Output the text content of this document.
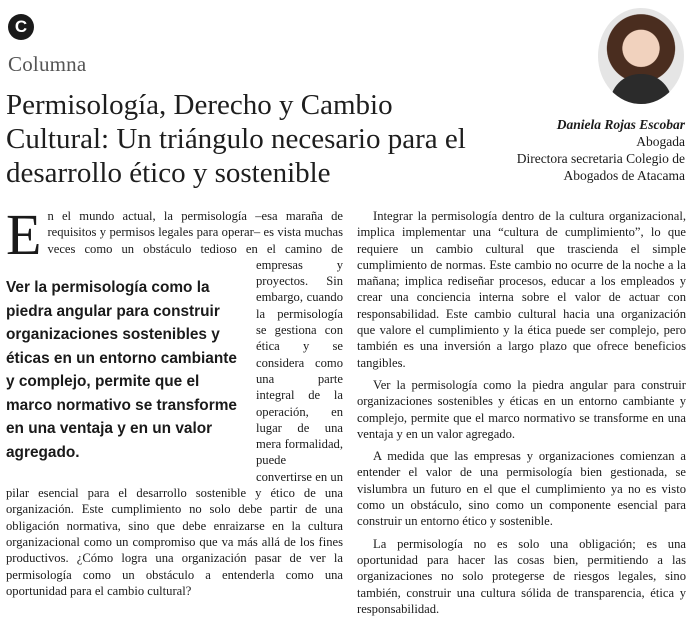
C
Columna
Permisología, Derecho y Cambio Cultural: Un triángulo necesario para el desarrollo ético y sostenible
Daniela Rojas Escobar
Abogada
Directora secretaria Colegio de Abogados de Atacama
E
Ver la permisología como la piedra angular para construir organizaciones sostenibles y éticas en un entorno cambiante y complejo, permite que el marco normativo se transforme en una ventaja y en un valor agregado.

n el mundo actual, la permisología –esa maraña de requisitos y permisos legales para operar– es vista muchas veces como un obstáculo tedioso en el camino de empresas y proyectos. Sin embargo, cuando la permisología se gestiona con ética y se considera como una parte integral de la operación, en lugar de una mera formalidad, puede convertirse en un pilar esencial para el desarrollo sostenible y ético de una organización. Este cumplimiento no solo debe partir de una obligación normativa, sino que debe enraizarse en la cultura organizacional como un compromiso que va más allá de los fines productivos. ¿Cómo logra una organización pasar de ver la permisología como un obstáculo a entenderla como una oportunidad para el cambio cultural?

Integrar la permisología dentro de la cultura organizacional, implica implementar una “cultura de cumplimiento”, lo que requiere un cambio cultural que trascienda el simple cumplimiento de normas. Este cambio no ocurre de la noche a la mañana; implica rediseñar procesos, educar a los empleados y crear una conciencia interna sobre el valor de actuar con responsabilidad. Este cambio cultural hacia una organización que valore el cumplimiento y la ética puede ser complejo, pero también es una inversión a largo plazo que ofrece beneficios tangibles.

Ver la permisología como la piedra angular para construir organizaciones sostenibles y éticas en un entorno cambiante y complejo, permite que el marco normativo se transforme en una ventaja y en un valor agregado.

A medida que las empresas y organizaciones comienzan a entender el valor de una permisología bien gestionada, se vislumbra un futuro en el que el cumplimiento ya no es visto como un obstáculo, sino como un componente esencial para construir un entorno ético y sostenible.

La permisología no es solo una obligación; es una oportunidad para hacer las cosas bien, permitiendo a las organizaciones no solo protegerse de riesgos legales, sino también, construir una cultura sólida de transparencia, ética y responsabilidad.
